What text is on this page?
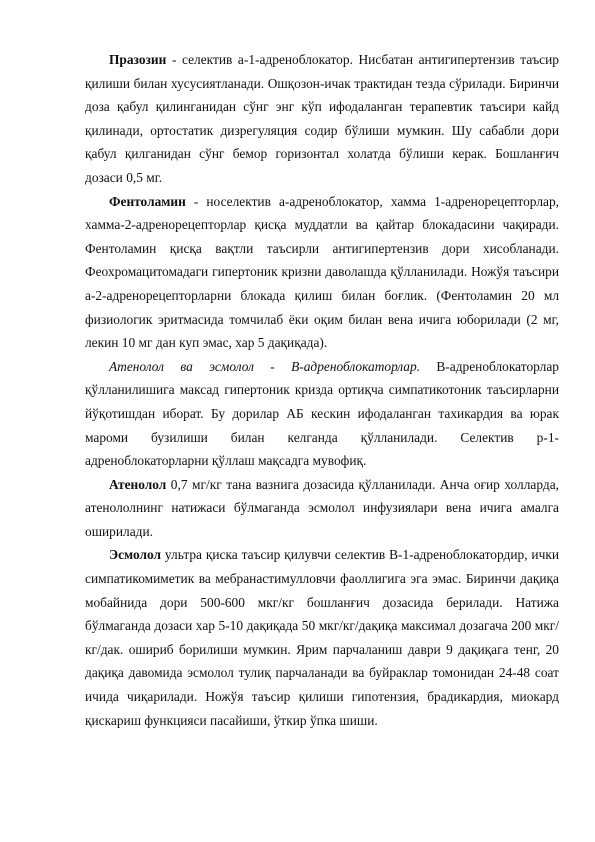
Празозин - селектив а-1-адреноблокатор. Нисбатан антигипертензив таъсир қилиши билан хусусиятланади. Ошқозон-ичак трактидан тезда сўрилади. Биринчи доза қабул қилинганидан сўнг энг кўп ифодаланган терапевтик таъсири кайд қилинади, ортостатик дизрегуляция содир бўлиши мумкин. Шу сабабли дори қабул қилганидан сўнг бемор горизонтал холатда бўлиши керак. Бошланғич дозаси 0,5 мг.

Фентоламин - носелектив а-адреноблокатор, хамма 1-адренорецепторлар, хамма-2-адренорецепторлар қисқа муддатли ва қайтар блокадасини чақиради. Фентоламин қисқа вақтли таъсирли антигипертензив дори хисобланади. Феохромацитомадаги гипертоник кризни даволашда қўлланилади. Ножўя таъсири а-2-адренорецепторларни блокада қилиш билан боғлик. (Фентоламин 20 мл физиологик эритмасида томчилаб ёки оқим билан вена ичига юборилади (2 мг, лекин 10 мг дан куп эмас, хар 5 дақиқада).

Атенолол ва эсмолол - В-адреноблокаторлар. В-адреноблокаторлар қўлланилишига максад гипертоник кризда ортиқча симпатикотоник таъсирларни йўқотишдан иборат. Бу дорилар АБ кескин ифодаланган тахикардия ва юрак мароми бузилиши билан келганда қўлланилади. Селектив р-1-адреноблокаторларни қўллаш мақсадга мувофиқ.

Атенолол 0,7 мг/кг тана вазнига дозасида қўлланилади. Анча оғир холларда, атенололнинг натижаси бўлмаганда эсмолол инфузиялари вена ичига амалга оширилади.

Эсмолол ультра қиска таъсир қилувчи селектив В-1-адреноблокатордир, ички симпатикомиметик ва мебранастимулловчи фаоллигига эга эмас. Биринчи дақиқа мобайнида дори 500-600 мкг/кг бошланғич дозасида берилади. Натижа бўлмаганда дозаси хар 5-10 дақиқада 50 мкг/кг/дақиқа максимал дозагача 200 мкг/кг/дак. ошириб борилиши мумкин. Ярим парчаланиш даври 9 дақиқага тенг, 20 дақиқа давомида эсмолол тулиқ парчаланади ва буйраклар томонидан 24-48 соат ичида чиқарилади. Ножўя таъсир қилиши гипотензия, брадикардия, миокард қискариш функцияси пасайиши, ўткир ўпка шиши.
